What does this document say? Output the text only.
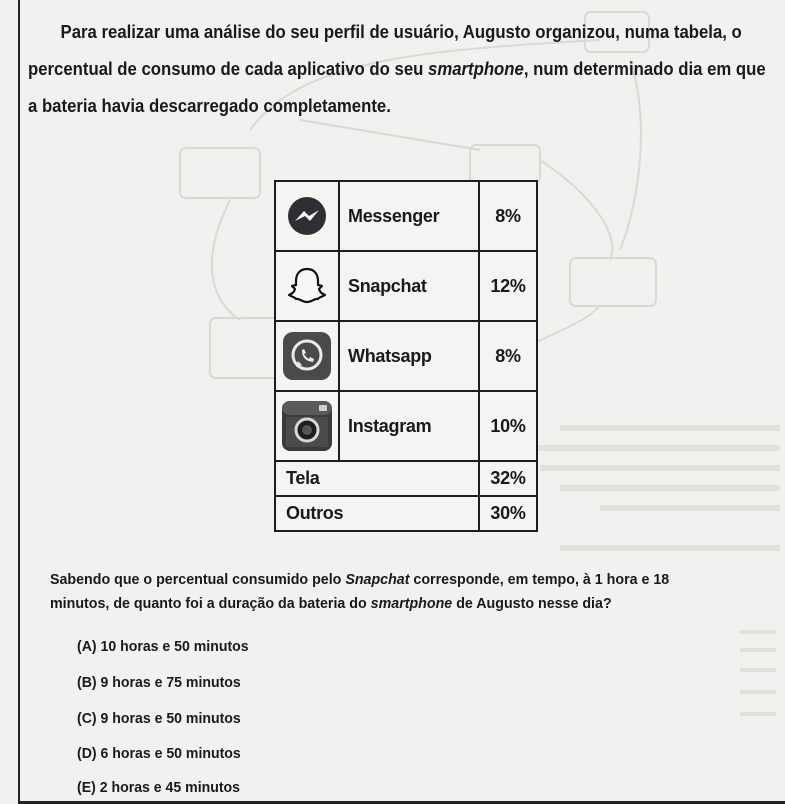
Para realizar uma análise do seu perfil de usuário, Augusto organizou, numa tabela, o
percentual de consumo de cada aplicativo do seu smartphone, num determinado dia em que
a bateria havia descarregado completamente.
	Messenger	8%

	Snapchat	12%

	Whatsapp	8%

	Instagram	10%
Tela		32%
Outros		30%
Sabendo que o percentual consumido pelo Snapchat corresponde, em tempo, à 1 hora e 18 minutos, de quanto foi a duração da bateria do smartphone de Augusto nesse dia?
(A) 10 horas e 50 minutos
(B) 9 horas e 75 minutos
(C) 9 horas e 50 minutos
(D) 6 horas e 50 minutos
(E) 2 horas e 45 minutos
